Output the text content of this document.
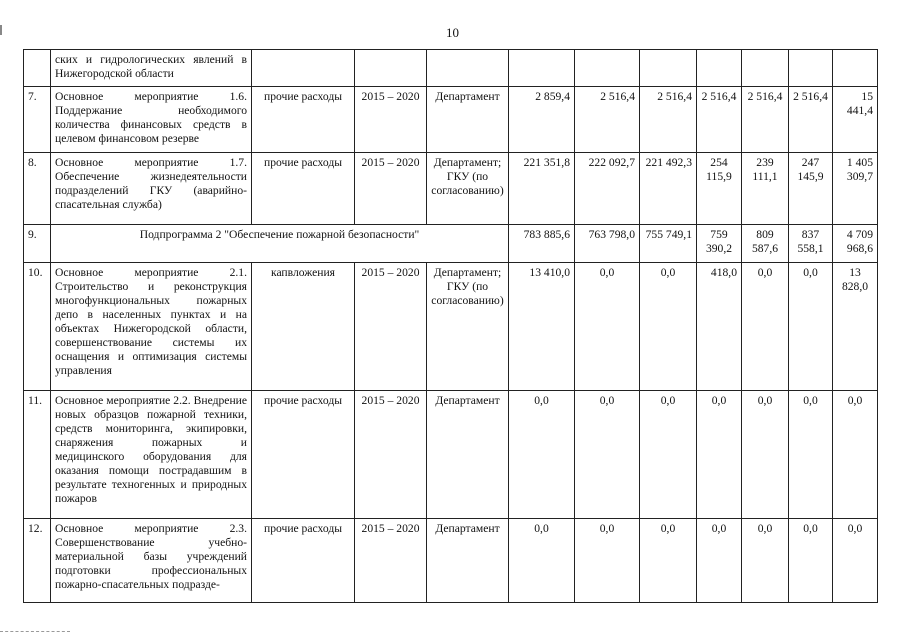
10
	ских и гидрологических явлений в Нижегородской области										
7.	Основное мероприятие 1.6. Поддержание необходимого количества финансовых средств в целевом финансовом резерве	прочие расходы	2015 – 2020	Департамент	2 859,4	2 516,4	2 516,4	2 516,4	2 516,4	2 516,4	15 441,4
8.	Основное мероприятие 1.7. Обеспечение жизнедеятельности подразделений ГКУ (аварийно-спасательная служба)	прочие расходы	2015 – 2020	Департамент; ГКУ (по согласованию)	221 351,8	222 092,7	221 492,3	254 115,9	239 111,1	247 145,9	1 405 309,7
9.	Подпрограмма 2 "Обеспечение пожарной безопасности"				783 885,6	763 798,0	755 749,1	759 390,2	809 587,6	837 558,1	4 709 968,6
10.	Основное мероприятие 2.1. Строительство и реконструкция многофункциональных пожарных депо в населенных пунктах и на объектах Нижегородской области, совершенствование системы их оснащения и оптимизация системы управления	капвложения	2015 – 2020	Департамент; ГКУ (по согласованию)	13 410,0	0,0	0,0	418,0	0,0	0,0	13 828,0
11.	Основное мероприятие 2.2. Внедрение новых образцов пожарной техники, средств мониторинга, экипировки, снаряжения пожарных и медицинского оборудования для оказания помощи пострадавшим в результате техногенных и природных пожаров	прочие расходы	2015 – 2020	Департамент	0,0	0,0	0,0	0,0	0,0	0,0	0,0
12.	Основное мероприятие 2.3. Совершенствование учебно-материальной базы учреждений подготовки профессиональных пожарно-спасательных подразде-	прочие расходы	2015 – 2020	Департамент	0,0	0,0	0,0	0,0	0,0	0,0	0,0
